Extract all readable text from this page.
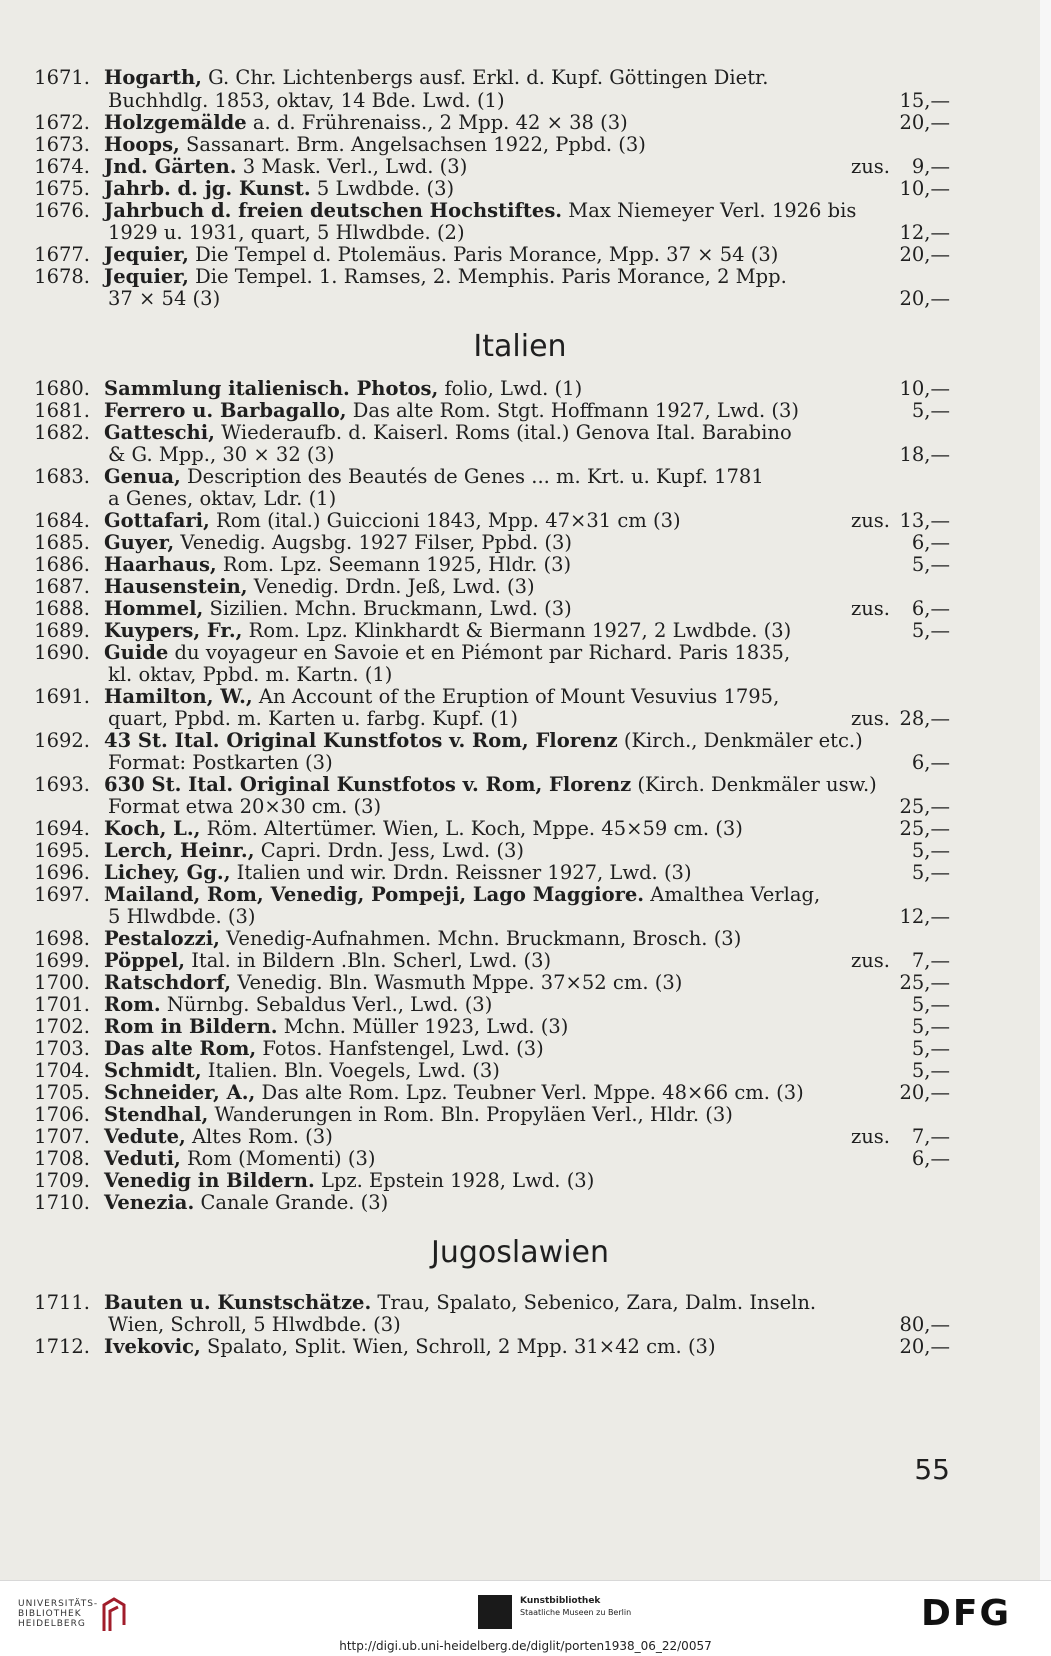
1671. Hogarth, G. Chr. Lichtenbergs ausf. Erkl. d. Kupf. Göttingen Dietr.
Buchhdlg. 1853, oktav, 14 Bde. Lwd. (1)	15,—
1672. Holzgemälde a. d. Frührenaiss., 2 Mpp. 42 × 38 (3)	20,—
1673. Hoops, Sassanart. Brm. Angelsachsen 1922, Ppbd. (3)
1674. Jnd. Gärten. 3 Mask. Verl., Lwd. (3)	zus.	9,—
1675. Jahrb. d. jg. Kunst. 5 Lwdbde. (3)	10,—
1676. Jahrbuch d. freien deutschen Hochstiftes. Max Niemeyer Verl. 1926 bis
1929 u. 1931, quart, 5 Hlwdbde. (2)	12,—
1677. Jequier, Die Tempel d. Ptolemäus. Paris Morance, Mpp. 37 × 54 (3)	20,—
1678. Jequier, Die Tempel. 1. Ramses, 2. Memphis. Paris Morance, 2 Mpp.
37 × 54 (3)	20,—
1680. Sammlung italienisch. Photos, folio, Lwd. (1)	10,—
1681. Ferrero u. Barbagallo, Das alte Rom. Stgt. Hoffmann 1927, Lwd. (3)	5,—
1682. Gatteschi, Wiederaufb. d. Kaiserl. Roms (ital.) Genova Ital. Barabino
& G. Mpp., 30 × 32 (3)	18,—
1683. Genua, Description des Beautés de Genes ... m. Krt. u. Kupf. 1781
a Genes, oktav, Ldr. (1)
1684. Gottafari, Rom (ital.) Guiccioni 1843, Mpp. 47×31 cm (3)	zus. 13,—
1685. Guyer, Venedig. Augsbg. 1927 Filser, Ppbd. (3)	6,—
1686. Haarhaus, Rom. Lpz. Seemann 1925, Hldr. (3)	5,—
1687. Hausenstein, Venedig. Drdn. Jeß, Lwd. (3)
1688. Hommel, Sizilien. Mchn. Bruckmann, Lwd. (3)	zus.	6,—
1689. Kuypers, Fr., Rom. Lpz. Klinkhardt & Biermann 1927, 2 Lwdbde. (3)	5,—
1690. Guide du voyageur en Savoie et en Piémont par Richard. Paris 1835,
kl. oktav, Ppbd. m. Kartn. (1)
1691. Hamilton, W., An Account of the Eruption of Mount Vesuvius 1795,
quart, Ppbd. m. Karten u. farbg. Kupf. (1)	zus. 28,—
1692. 43 St. Ital. Original Kunstfotos v. Rom, Florenz (Kirch., Denkmäler etc.)
Format: Postkarten (3)	6,—
1693. 630 St. Ital. Original Kunstfotos v. Rom, Florenz (Kirch. Denkmäler usw.)
Format etwa 20×30 cm. (3)	25,—
1694. Koch, L., Röm. Altertümer. Wien, L. Koch, Mppe. 45×59 cm. (3)	25,—
1695. Lerch, Heinr., Capri. Drdn. Jess, Lwd. (3)	5,—
1696. Lichey, Gg., Italien und wir. Drdn. Reissner 1927, Lwd. (3)	5,—
1697. Mailand, Rom, Venedig, Pompeji, Lago Maggiore. Amalthea Verlag,
5 Hlwdbde. (3)	12,—
1698. Pestalozzi, Venedig-Aufnahmen. Mchn. Bruckmann, Brosch. (3)
1699. Pöppel, Ital. in Bildern .Bln. Scherl, Lwd. (3)	zus.	7,—
1700. Ratschdorf, Venedig. Bln. Wasmuth Mppe. 37×52 cm. (3)	25,—
1701. Rom. Nürnbg. Sebaldus Verl., Lwd. (3)	5,—
1702. Rom in Bildern. Mchn. Müller 1923, Lwd. (3)	5,—
1703. Das alte Rom, Fotos. Hanfstengel, Lwd. (3)	5,—
1704. Schmidt, Italien. Bln. Voegels, Lwd. (3)	5,—
1705. Schneider, A., Das alte Rom. Lpz. Teubner Verl. Mppe. 48×66 cm. (3)	20,—
1706. Stendhal, Wanderungen in Rom. Bln. Propyläen Verl., Hldr. (3)
1707. Vedute, Altes Rom. (3)	zus.	7,—
1708. Veduti, Rom (Momenti) (3)	6,—
1709. Venedig in Bildern. Lpz. Epstein 1928, Lwd. (3)
1710. Venezia. Canale Grande. (3)
1711. Bauten u. Kunstschätze. Trau, Spalato, Sebenico, Zara, Dalm. Inseln.
Wien, Schroll, 5 Hlwdbde. (3)	80,—
1712. Ivekovic, Spalato, Split. Wien, Schroll, 2 Mpp. 31×42 cm. (3)	20,—
Italien
Jugoslawien
55
UNIVERSITÄTS-
BIBLIOTHEK
HEIDELBERG
Kunstbibliothek
Staatliche Museen zu Berlin	DFG
http://digi.ub.uni-heidelberg.de/diglit/porten1938_06_22/0057
